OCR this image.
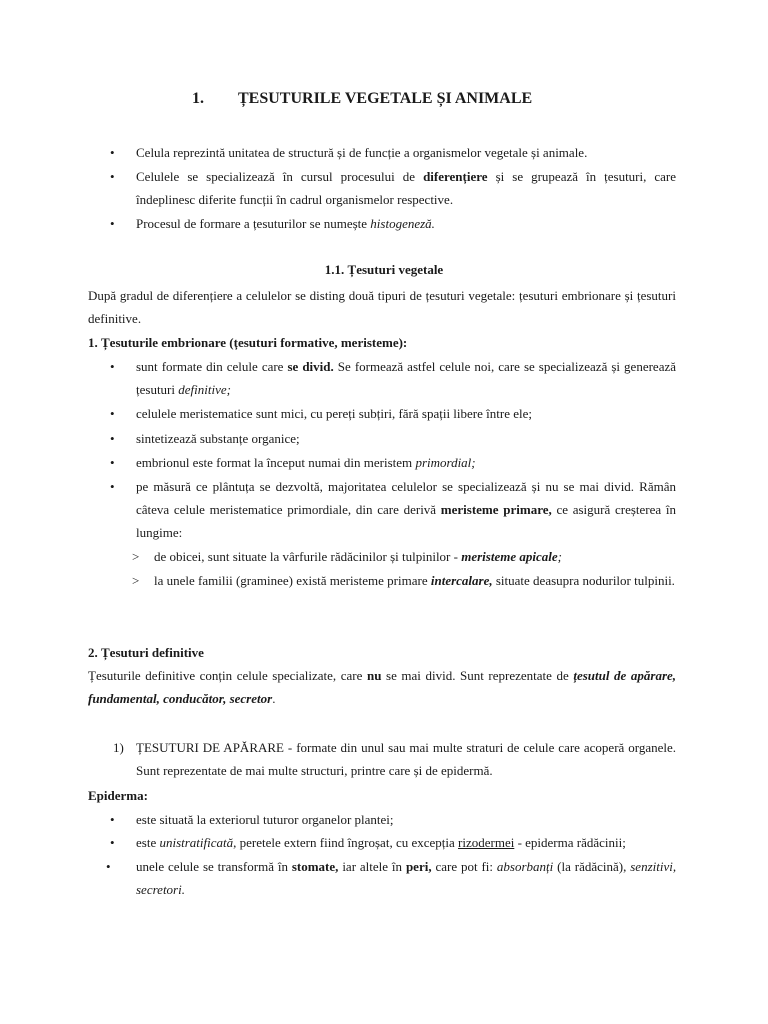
1. ȚESUTURILE VEGETALE ȘI ANIMALE
• Celula reprezintă unitatea de structură și de funcție a organismelor vegetale și animale.
• Celulele se specializează în cursul procesului de diferențiere și se grupează în țesuturi, care îndeplinesc diferite funcții în cadrul organismelor respective.
• Procesul de formare a țesuturilor se numește histogeneză.
1.1. Țesuturi vegetale
După gradul de diferențiere a celulelor se disting două tipuri de țesuturi vegetale: țesuturi embrionare și țesuturi definitive.
1. Țesuturile embrionare (țesuturi formative, meristeme):
• sunt formate din celule care se divid. Se formează astfel celule noi, care se specializează și generează țesuturi definitive;
• celulele meristematice sunt mici, cu pereți subțiri, fără spații libere între ele;
• sintetizează substanțe organice;
• embrionul este format la început numai din meristem primordial;
• pe măsură ce plântuța se dezvoltă, majoritatea celulelor se specializează și nu se mai divid. Rămân câteva celule meristematice primordiale, din care derivă meristeme primare, ce asigură creșterea în lungime:
> de obicei, sunt situate la vârfurile rădăcinilor și tulpinilor - meristeme apicale;
> la unele familii (graminee) există meristeme primare intercalare, situate deasupra nodurilor tulpinii.
2. Țesuturi definitive
Țesuturile definitive conțin celule specializate, care nu se mai divid. Sunt reprezentate de țesutul de apărare, fundamental, conducător, secretor.
1) ȚESUTURI DE APĂRARE - formate din unul sau mai multe straturi de celule care acoperă organele. Sunt reprezentate de mai multe structuri, printre care și de epidermă.
Epiderma:
• este situată la exteriorul tuturor organelor plantei;
• este unistratificată, peretele extern fiind îngroșat, cu excepția rizodermei - epiderma rădăcinii;
• unele celule se transformă în stomate, iar altele în peri, care pot fi: absorbanți (la rădăcină), senzitivi, secretori.
